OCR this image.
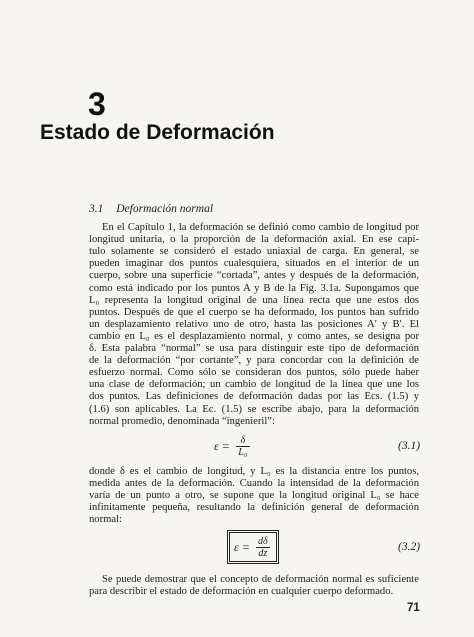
3
Estado de Deformación
3.1 Deformación normal
En el Capítulo 1, la deformación se definió como cambio de longitud por
longitud unitaria, o la proporción de la deformación axial. En ese capí-
tulo solamente se consideró el estado uniaxial de carga. En general, se
pueden imaginar dos puntos cualesquiera, situados en el interior de un
cuerpo, sobre una superficie “cortada”, antes y después de la deformación,
como está indicado por los puntos A y B de la Fig. 3.1a. Supongamos que
L₀ representa la longitud original de una línea recta que une estos dos
puntos. Después de que el cuerpo se ha deformado, los puntos han sufrido
un desplazamiento relativo uno de otro, hasta las posiciones A′ y B′. El
cambio en L₀ es el desplazamiento normal, y como antes, se designa por
δ. Esta palabra “normal” se usa para distinguir este tipo de deformación
de la deformación “por cortante”, y para concordar con la definición de
esfuerzo normal. Como sólo se consideran dos puntos, sólo puede haber
una clase de deformación; un cambio de longitud de la línea que une los
dos puntos. Las definiciones de deformación dadas por las Ecs. (1.5) y
(1.6) son aplicables. La Ec. (1.5) se escribe abajo, para la deformación
normal promedio, denominada “ingenieril”:
$\varepsilon = \frac{\delta}{\text{L₀}}$	(3.1)
donde δ es el cambio de longitud, y L₀ es la distancia entre los puntos,
medida antes de la deformación. Cuando la intensidad de la deformación
varía de un punto a otro, se supone que la longitud original L₀ se hace
infinitamente pequeña, resultando la definición general de deformación
normal:
$\varepsilon = \frac{d\delta}{dz}$	(3.2)
Se puede demostrar que el concepto de deformación normal es suficiente
para describir el estado de deformación en cualquier cuerpo deformado.
71
